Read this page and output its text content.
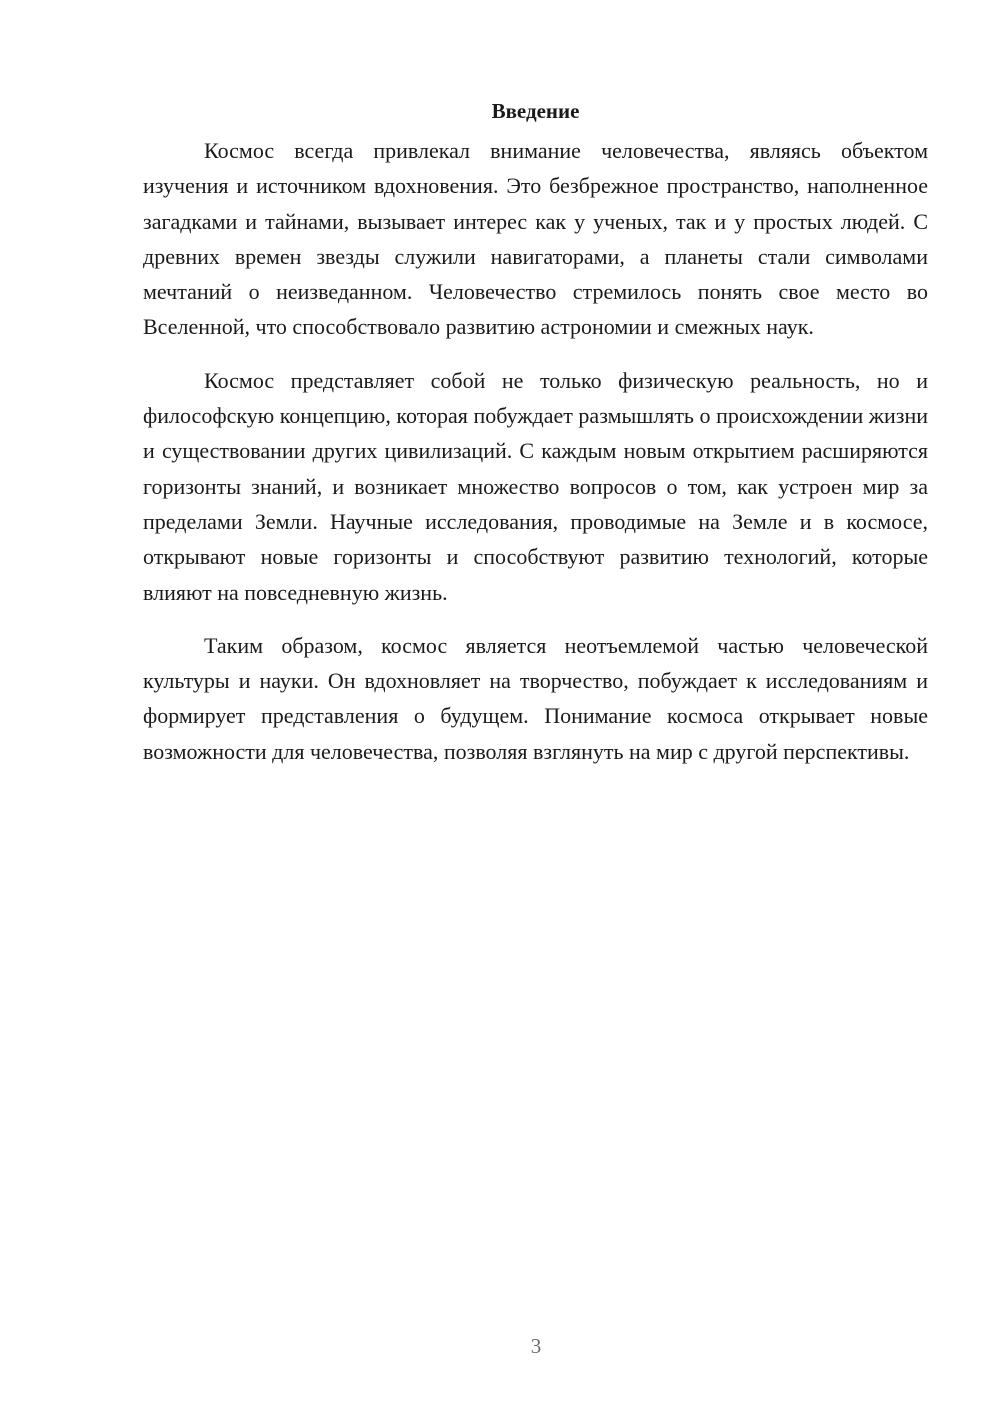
Введение

Космос всегда привлекал внимание человечества, являясь объектом изучения и источником вдохновения. Это безбрежное пространство, наполненное загадками и тайнами, вызывает интерес как у ученых, так и у простых людей. С древних времен звезды служили навигаторами, а планеты стали символами мечтаний о неизведанном. Человечество стремилось понять свое место во Вселенной, что способствовало развитию астрономии и смежных наук.

Космос представляет собой не только физическую реальность, но и философскую концепцию, которая побуждает размышлять о происхождении жизни и существовании других цивилизаций. С каждым новым открытием расширяются горизонты знаний, и возникает множество вопросов о том, как устроен мир за пределами Земли. Научные исследования, проводимые на Земле и в космосе, открывают новые горизонты и способствуют развитию технологий, которые влияют на повседневную жизнь.

Таким образом, космос является неотъемлемой частью человеческой культуры и науки. Он вдохновляет на творчество, побуждает к исследованиям и формирует представления о будущем. Понимание космоса открывает новые возможности для человечества, позволяя взглянуть на мир с другой перспективы.

3
